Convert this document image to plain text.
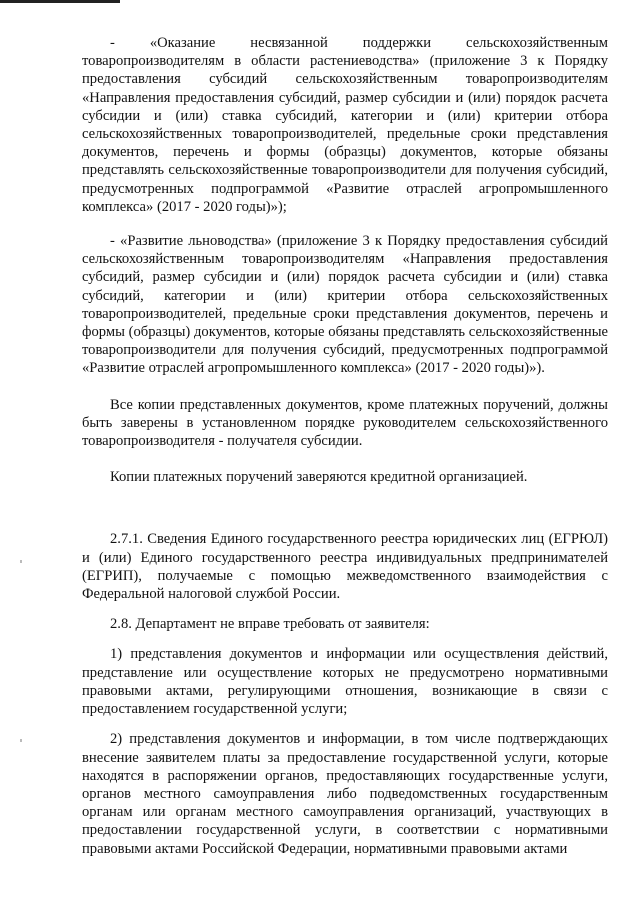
- «Оказание несвязанной поддержки сельскохозяйственным товаропроизводителям в области растениеводства» (приложение 3 к Порядку предоставления субсидий сельскохозяйственным товаропроизводителям «Направления предоставления субсидий, размер субсидии и (или) порядок расчета субсидии и (или) ставка субсидий, категории и (или) критерии отбора сельскохозяйственных товаропроизводителей, предельные сроки представления документов, перечень и формы (образцы) документов, которые обязаны представлять сельскохозяйственные товаропроизводители для получения субсидий, предусмотренных подпрограммой «Развитие отраслей агропромышленного комплекса» (2017 - 2020 годы)»);

- «Развитие льноводства» (приложение 3 к Порядку предоставления субсидий сельскохозяйственным товаропроизводителям «Направления предоставления субсидий, размер субсидии и (или) порядок расчета субсидии и (или) ставка субсидий, категории и (или) критерии отбора сельскохозяйственных товаропроизводителей, предельные сроки представления документов, перечень и формы (образцы) документов, которые обязаны представлять сельскохозяйственные товаропроизводители для получения субсидий, предусмотренных подпрограммой «Развитие отраслей агропромышленного комплекса» (2017 - 2020 годы)»).

Все копии представленных документов, кроме платежных поручений, должны быть заверены в установленном порядке руководителем сельскохозяйственного товаропроизводителя - получателя субсидии.

Копии платежных поручений заверяются кредитной организацией.

2.7.1. Сведения Единого государственного реестра юридических лиц (ЕГРЮЛ) и (или) Единого государственного реестра индивидуальных предпринимателей (ЕГРИП), получаемые с помощью межведомственного взаимодействия с Федеральной налоговой службой России.

2.8. Департамент не вправе требовать от заявителя:

1) представления документов и информации или осуществления действий, представление или осуществление которых не предусмотрено нормативными правовыми актами, регулирующими отношения, возникающие в связи с предоставлением государственной услуги;

2) представления документов и информации, в том числе подтверждающих внесение заявителем платы за предоставление государственной услуги, которые находятся в распоряжении органов, предоставляющих государственные услуги, органов местного самоуправления либо подведомственных государственным органам или органам местного самоуправления организаций, участвующих в предоставлении государственной услуги, в соответствии с нормативными правовыми актами Российской Федерации, нормативными правовыми актами
